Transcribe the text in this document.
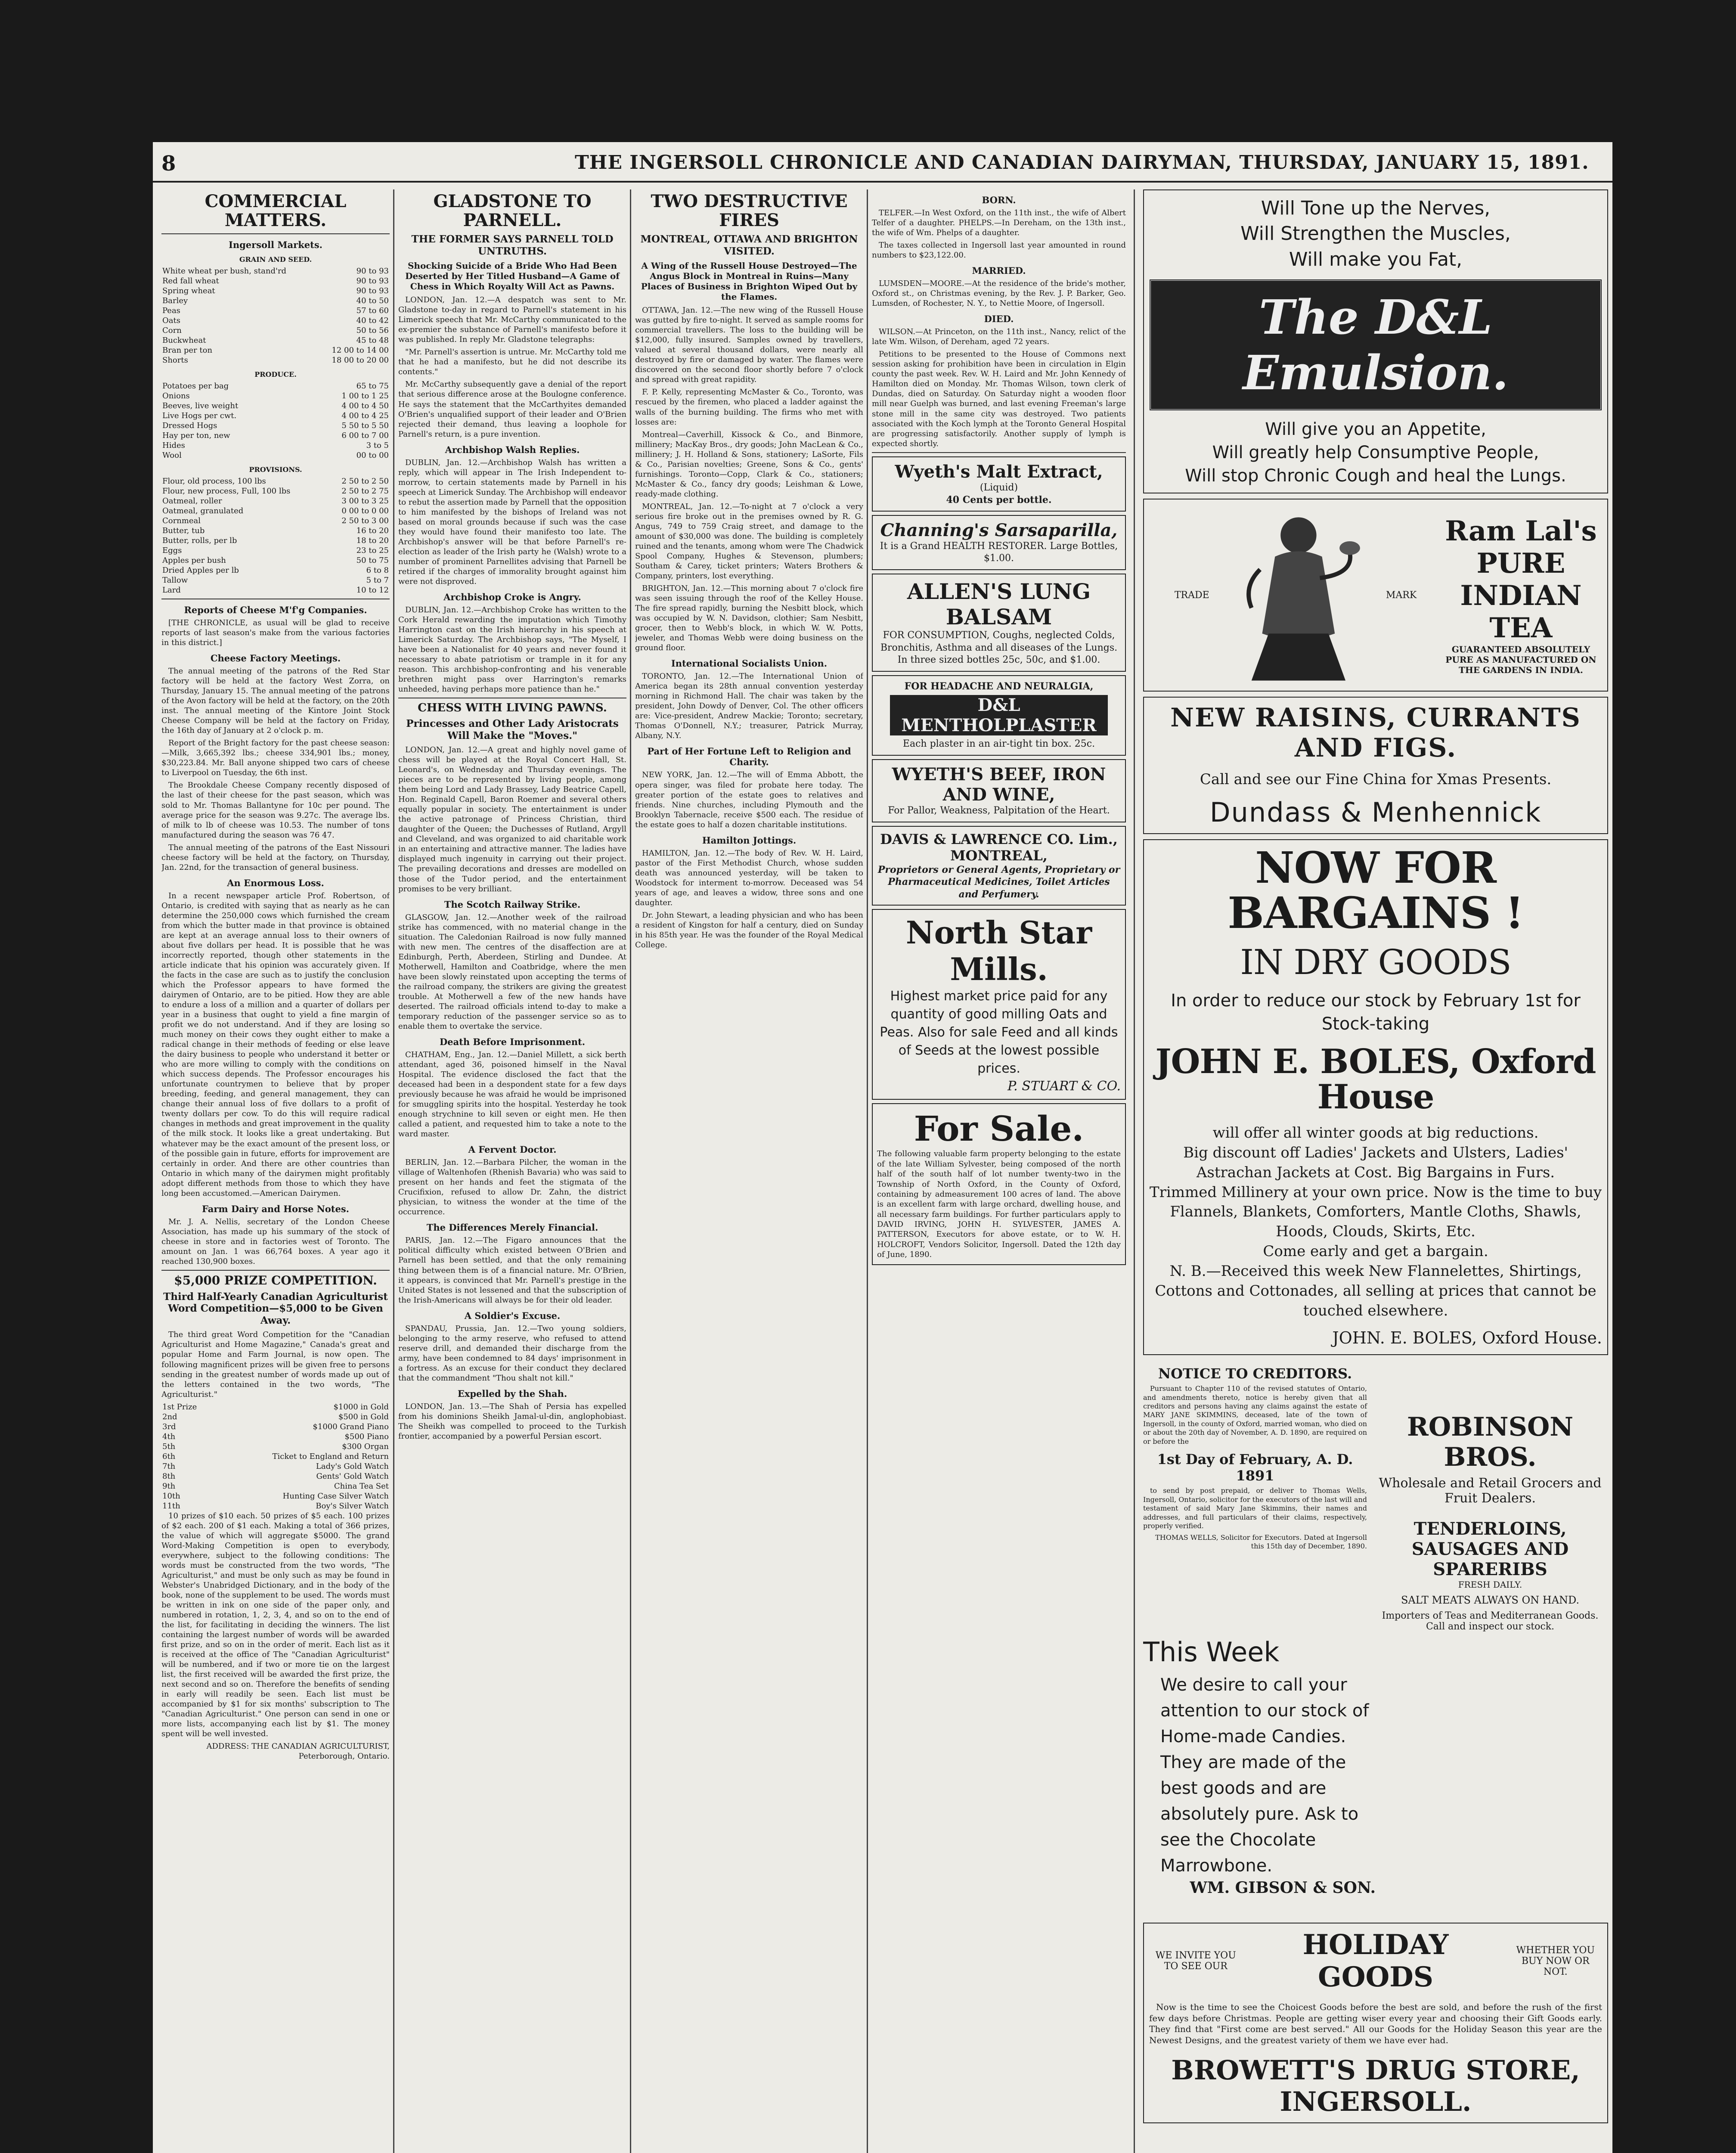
8	THE INGERSOLL CHRONICLE AND CANADIAN DAIRYMAN, THURSDAY, JANUARY 15, 1891.
COMMERCIAL MATTERS.
Ingersoll Markets.
GRAIN AND SEED.
White wheat per bush, stand'rd	90 to 93
Red fall wheat	90 to 93
Spring wheat	90 to 93
Barley	40 to 50
Peas	57 to 60
Oats	40 to 42
Corn	50 to 56
Buckwheat	45 to 48
Bran per ton	12 00 to 14 00
Shorts	18 00 to 20 00
PRODUCE.
Potatoes per bag	65 to 75
Onions	1 00 to 1 25
Beeves, live weight	4 00 to 4 50
Live Hogs per cwt.	4 00 to 4 25
Dressed Hogs	5 50 to 5 50
Hay per ton, new	6 00 to 7 00
Hides	3 to 5
Wool	00 to 00
PROVISIONS.
Flour, old process, 100 lbs	2 50 to 2 50
Flour, new process, Full, 100 lbs	2 50 to 2 75
Oatmeal, roller	3 00 to 3 25
Oatmeal, granulated	0 00 to 0 00
Cornmeal	2 50 to 3 00
Butter, tub	16 to 20
Butter, rolls, per lb	18 to 20
Eggs	23 to 25
Apples per bush	50 to 75
Dried Apples per lb	6 to 8
Tallow	5 to 7
Lard	10 to 12
Reports of Cheese M'f'g Companies.

[THE CHRONICLE, as usual will be glad to receive reports of last season's make from the various factories in this district.]

Cheese Factory Meetings.

The annual meeting of the patrons of the Red Star factory will be held at the factory West Zorra, on Thursday, January 15. The annual meeting of the patrons of the Avon factory will be held at the factory, on the 20th inst. The annual meeting of the Kintore Joint Stock Cheese Company will be held at the factory on Friday, the 16th day of January at 2 o'clock p. m.

Report of the Bright factory for the past cheese season:—Milk, 3,665,392 lbs.; cheese 334,901 lbs.; money, $30,223.84. Mr. Ball anyone shipped two cars of cheese to Liverpool on Tuesday, the 6th inst.

The Brookdale Cheese Company recently disposed of the last of their cheese for the past season, which was sold to Mr. Thomas Ballantyne for 10c per pound. The average price for the season was 9.27c. The average lbs. of milk to lb of cheese was 10.53. The number of tons manufactured during the season was 76 47.

The annual meeting of the patrons of the East Nissouri cheese factory will be held at the factory, on Thursday, Jan. 22nd, for the transaction of general business.

An Enormous Loss.

In a recent newspaper article Prof. Robertson, of Ontario, is credited with saying that as nearly as he can determine the 250,000 cows which furnished the cream from which the butter made in that province is obtained are kept at an average annual loss to their owners of about five dollars per head. It is possible that he was incorrectly reported, though other statements in the article indicate that his opinion was accurately given. If the facts in the case are such as to justify the conclusion which the Professor appears to have formed the dairymen of Ontario, are to be pitied. How they are able to endure a loss of a million and a quarter of dollars per year in a business that ought to yield a fine margin of profit we do not understand. And if they are losing so much money on their cows they ought either to make a radical change in their methods of feeding or else leave the dairy business to people who understand it better or who are more willing to comply with the conditions on which success depends. The Professor encourages his unfortunate countrymen to believe that by proper breeding, feeding, and general management, they can change their annual loss of five dollars to a profit of twenty dollars per cow. To do this will require radical changes in methods and great improvement in the quality of the milk stock. It looks like a great undertaking. But whatever may be the exact amount of the present loss, or of the possible gain in future, efforts for improvement are certainly in order. And there are other countries than Ontario in which many of the dairymen might profitably adopt different methods from those to which they have long been accustomed.—American Dairymen.

Farm Dairy and Horse Notes.

Mr. J. A. Nellis, secretary of the London Cheese Association, has made up his summary of the stock of cheese in store and in factories west of Toronto. The amount on Jan. 1 was 66,764 boxes. A year ago it reached 130,900 boxes.

$5,000 PRIZE COMPETITION.
Third Half-Yearly Canadian Agriculturist Word Competition—$5,000 to be Given Away.

The third great Word Competition for the "Canadian Agriculturist and Home Magazine," Canada's great and popular Home and Farm Journal, is now open. The following magnificent prizes will be given free to persons sending in the greatest number of words made up out of the letters contained in the two words, "The Agriculturist."

1st Prize	$1000 in Gold
2nd	$500 in Gold
3rd	$1000 Grand Piano
4th	$500 Piano
5th	$300 Organ
6th	Ticket to England and Return
7th	Lady's Gold Watch
8th	Gents' Gold Watch
9th	China Tea Set
10th	Hunting Case Silver Watch
11th	Boy's Silver Watch

10 prizes of $10 each. 50 prizes of $5 each. 100 prizes of $2 each. 200 of $1 each. Making a total of 366 prizes, the value of which will aggregate $5000. The grand Word-Making Competition is open to everybody, everywhere, subject to the following conditions: The words must be constructed from the two words, "The Agriculturist," and must be only such as may be found in Webster's Unabridged Dictionary, and in the body of the book, none of the supplement to be used. The words must be written in ink on one side of the paper only, and numbered in rotation, 1, 2, 3, 4, and so on to the end of the list, for facilitating in deciding the winners. The list containing the largest number of words will be awarded first prize, and so on in the order of merit. Each list as it is received at the office of The "Canadian Agriculturist" will be numbered, and if two or more tie on the largest list, the first received will be awarded the first prize, the next second and so on. Therefore the benefits of sending in early will readily be seen. Each list must be accompanied by $1 for six months' subscription to The "Canadian Agriculturist." One person can send in one or more lists, accompanying each list by $1. The money spent will be well invested.

ADDRESS: THE CANADIAN AGRICULTURIST, Peterborough, Ontario.

GLADSTONE TO PARNELL.
THE FORMER SAYS PARNELL TOLD UNTRUTHS.
Shocking Suicide of a Bride Who Had Been Deserted by Her Titled Husband—A Game of Chess in Which Royalty Will Act as Pawns.

LONDON, Jan. 12.—A despatch was sent to Mr. Gladstone to-day in regard to Parnell's statement in his Limerick speech that Mr. McCarthy communicated to the ex-premier the substance of Parnell's manifesto before it was published. In reply Mr. Gladstone telegraphs:

"Mr. Parnell's assertion is untrue. Mr. McCarthy told me that he had a manifesto, but he did not describe its contents."

Mr. McCarthy subsequently gave a denial of the report that serious difference arose at the Boulogne conference. He says the statement that the McCarthyites demanded O'Brien's unqualified support of their leader and O'Brien rejected their demand, thus leaving a loophole for Parnell's return, is a pure invention.

Archbishop Walsh Replies.

DUBLIN, Jan. 12.—Archbishop Walsh has written a reply, which will appear in The Irish Independent to-morrow, to certain statements made by Parnell in his speech at Limerick Sunday. The Archbishop will endeavor to rebut the assertion made by Parnell that the opposition to him manifested by the bishops of Ireland was not based on moral grounds because if such was the case they would have found their manifesto too late. The Archbishop's answer will be that before Parnell's re-election as leader of the Irish party he (Walsh) wrote to a number of prominent Parnellites advising that Parnell be retired if the charges of immorality brought against him were not disproved.

Archbishop Croke is Angry.

DUBLIN, Jan. 12.—Archbishop Croke has written to the Cork Herald rewarding the imputation which Timothy Harrington cast on the Irish hierarchy in his speech at Limerick Saturday. The Archbishop says, "The Myself, I have been a Nationalist for 40 years and never found it necessary to abate patriotism or trample in it for any reason. This archbishop-confronting and his venerable brethren might pass over Harrington's remarks unheeded, having perhaps more patience than he."

CHESS WITH LIVING PAWNS.
Princesses and Other Lady Aristocrats Will Make the "Moves."

LONDON, Jan. 12.—A great and highly novel game of chess will be played at the Royal Concert Hall, St. Leonard's, on Wednesday and Thursday evenings. The pieces are to be represented by living people, among them being Lord and Lady Brassey, Lady Beatrice Capell, Hon. Reginald Capell, Baron Roemer and several others equally popular in society. The entertainment is under the active patronage of Princess Christian, third daughter of the Queen; the Duchesses of Rutland, Argyll and Cleveland, and was organized to aid charitable work in an entertaining and attractive manner. The ladies have displayed much ingenuity in carrying out their project. The prevailing decorations and dresses are modelled on those of the Tudor period, and the entertainment promises to be very brilliant.

The Scotch Railway Strike.

GLASGOW, Jan. 12.—Another week of the railroad strike has commenced, with no material change in the situation. The Caledonian Railroad is now fully manned with new men. The centres of the disaffection are at Edinburgh, Perth, Aberdeen, Stirling and Dundee. At Motherwell, Hamilton and Coatbridge, where the men have been slowly reinstated upon accepting the terms of the railroad company, the strikers are giving the greatest trouble. At Motherwell a few of the new hands have deserted. The railroad officials intend to-day to make a temporary reduction of the passenger service so as to enable them to overtake the service.

Death Before Imprisonment.

CHATHAM, Eng., Jan. 12.—Daniel Millett, a sick berth attendant, aged 36, poisoned himself in the Naval Hospital. The evidence disclosed the fact that the deceased had been in a despondent state for a few days previously because he was afraid he would be imprisoned for smuggling spirits into the hospital. Yesterday he took enough strychnine to kill seven or eight men. He then called a patient, and requested him to take a note to the ward master.

A Fervent Doctor.

BERLIN, Jan. 12.—Barbara Pilcher, the woman in the village of Waltenhofen (Rhenish Bavaria) who was said to present on her hands and feet the stigmata of the Crucifixion, refused to allow Dr. Zahn, the district physician, to witness the wonder at the time of the occurrence.

The Differences Merely Financial.

PARIS, Jan. 12.—The Figaro announces that the political difficulty which existed between O'Brien and Parnell has been settled, and that the only remaining thing between them is of a financial nature. Mr. O'Brien, it appears, is convinced that Mr. Parnell's prestige in the United States is not lessened and that the subscription of the Irish-Americans will always be for their old leader.

A Soldier's Excuse.

SPANDAU, Prussia, Jan. 12.—Two young soldiers, belonging to the army reserve, who refused to attend reserve drill, and demanded their discharge from the army, have been condemned to 84 days' imprisonment in a fortress. As an excuse for their conduct they declared that the commandment "Thou shalt not kill."

Expelled by the Shah.

LONDON, Jan. 13.—The Shah of Persia has expelled from his dominions Sheikh Jamal-ul-din, anglophobiast. The Sheikh was compelled to proceed to the Turkish frontier, accompanied by a powerful Persian escort.

TWO DESTRUCTIVE FIRES
MONTREAL, OTTAWA AND BRIGHTON VISITED.
A Wing of the Russell House Destroyed—The Angus Block in Montreal in Ruins—Many Places of Business in Brighton Wiped Out by the Flames.

OTTAWA, Jan. 12.—The new wing of the Russell House was gutted by fire to-night. It served as sample rooms for commercial travellers. The loss to the building will be $12,000, fully insured. Samples owned by travellers, valued at several thousand dollars, were nearly all destroyed by fire or damaged by water. The flames were discovered on the second floor shortly before 7 o'clock and spread with great rapidity.

F. P. Kelly, representing McMaster & Co., Toronto, was rescued by the firemen, who placed a ladder against the walls of the burning building. The firms who met with losses are:

Montreal—Caverhill, Kissock & Co., and Binmore, millinery; MacKay Bros., dry goods; John MacLean & Co., millinery; J. H. Holland & Sons, stationery; LaSorte, Fils & Co., Parisian novelties; Greene, Sons & Co., gents' furnishings. Toronto—Copp, Clark & Co., stationers; McMaster & Co., fancy dry goods; Leishman & Lowe, ready-made clothing.

MONTREAL, Jan. 12.—To-night at 7 o'clock a very serious fire broke out in the premises owned by R. G. Angus, 749 to 759 Craig street, and damage to the amount of $30,000 was done. The building is completely ruined and the tenants, among whom were The Chadwick Spool Company, Hughes & Stevenson, plumbers; Southam & Carey, ticket printers; Waters Brothers & Company, printers, lost everything.

BRIGHTON, Jan. 12.—This morning about 7 o'clock fire was seen issuing through the roof of the Kelley House. The fire spread rapidly, burning the Nesbitt block, which was occupied by W. N. Davidson, clothier; Sam Nesbitt, grocer, then to Webb's block, in which W. W. Potts, jeweler, and Thomas Webb were doing business on the ground floor.

International Socialists Union.

TORONTO, Jan. 12.—The International Union of America began its 28th annual convention yesterday morning in Richmond Hall. The chair was taken by the president, John Dowdy of Denver, Col. The other officers are: Vice-president, Andrew Mackie; Toronto; secretary, Thomas O'Donnell, N.Y.; treasurer, Patrick Murray, Albany, N.Y.

Part of Her Fortune Left to Religion and Charity.

NEW YORK, Jan. 12.—The will of Emma Abbott, the opera singer, was filed for probate here today. The greater portion of the estate goes to relatives and friends. Nine churches, including Plymouth and the Brooklyn Tabernacle, receive $500 each. The residue of the estate goes to half a dozen charitable institutions.

Hamilton Jottings.

HAMILTON, Jan. 12.—The body of Rev. W. H. Laird, pastor of the First Methodist Church, whose sudden death was announced yesterday, will be taken to Woodstock for interment to-morrow. Deceased was 54 years of age, and leaves a widow, three sons and one daughter.

Dr. John Stewart, a leading physician and who has been a resident of Kingston for half a century, died on Sunday in his 85th year. He was the founder of the Royal Medical College.

BORN.

TELFER.—In West Oxford, on the 11th inst., the wife of Albert Telfer of a daughter. PHELPS.—In Dereham, on the 13th inst., the wife of Wm. Phelps of a daughter.

The taxes collected in Ingersoll last year amounted in round numbers to $23,122.00.

MARRIED.

LUMSDEN—MOORE.—At the residence of the bride's mother, Oxford st., on Christmas evening, by the Rev. J. P. Barker, Geo. Lumsden, of Rochester, N. Y., to Nettie Moore, of Ingersoll.

DIED.

WILSON.—At Princeton, on the 11th inst., Nancy, relict of the late Wm. Wilson, of Dereham, aged 72 years.

Petitions to be presented to the House of Commons next session asking for prohibition have been in circulation in Elgin county the past week. Rev. W. H. Laird and Mr. John Kennedy of Hamilton died on Monday. Mr. Thomas Wilson, town clerk of Dundas, died on Saturday. On Saturday night a wooden floor mill near Guelph was burned, and last evening Freeman's large stone mill in the same city was destroyed. Two patients associated with the Koch lymph at the Toronto General Hospital are progressing satisfactorily. Another supply of lymph is expected shortly.

Wyeth's Malt Extract,
(Liquid)
40 Cents per bottle.
Channing's Sarsaparilla,
It is a Grand HEALTH RESTORER. Large Bottles, $1.00.
ALLEN'S LUNG BALSAM
FOR CONSUMPTION, Coughs, neglected Colds, Bronchitis, Asthma and all diseases of the Lungs. In three sized bottles 25c, 50c, and $1.00.
FOR HEADACHE AND NEURALGIA,
D&L MENTHOLPLASTER
Each plaster in an air-tight tin box. 25c.
WYETH'S BEEF, IRON AND WINE,
For Pallor, Weakness, Palpitation of the Heart.
DAVIS & LAWRENCE CO. Lim., MONTREAL,
Proprietors or General Agents, Proprietary or Pharmaceutical Medicines, Toilet Articles and Perfumery.
North Star Mills.
Highest market price paid for any quantity of good milling Oats and Peas. Also for sale Feed and all kinds of Seeds at the lowest possible prices.
P. STUART & CO.
For Sale.
The following valuable farm property belonging to the estate of the late William Sylvester, being composed of the north half of the south half of lot number twenty-two in the Township of North Oxford, in the County of Oxford, containing by admeasurement 100 acres of land. The above is an excellent farm with large orchard, dwelling house, and all necessary farm buildings. For further particulars apply to DAVID IRVING, JOHN H. SYLVESTER, JAMES A. PATTERSON, Executors for above estate, or to W. H. HOLCROFT, Vendors Solicitor, Ingersoll. Dated the 12th day of June, 1890.
Will Tone up the Nerves,
Will Strengthen the Muscles,
Will make you Fat,
The D&L Emulsion.
Will give you an Appetite,
Will greatly help Consumptive People,
Will stop Chronic Cough and heal the Lungs.
TRADE	MARK
Ram Lal's
PURE
INDIAN TEA
GUARANTEED ABSOLUTELY PURE AS MANUFACTURED ON THE GARDENS IN INDIA.
NEW RAISINS, CURRANTS AND FIGS.
Call and see our Fine China for Xmas Presents.
Dundass & Menhennick
NOW FOR BARGAINS !
IN DRY GOODS
In order to reduce our stock by February 1st for Stock-taking
JOHN E. BOLES, Oxford House
will offer all winter goods at big reductions.
Big discount off Ladies' Jackets and Ulsters, Ladies' Astrachan Jackets at Cost. Big Bargains in Furs.
Trimmed Millinery at your own price. Now is the time to buy Flannels, Blankets, Comforters, Mantle Cloths, Shawls, Hoods, Clouds, Skirts, Etc.
Come early and get a bargain.
N. B.—Received this week New Flannelettes, Shirtings, Cottons and Cottonades, all selling at prices that cannot be touched elsewhere.
JOHN. E. BOLES, Oxford House.
NOTICE TO CREDITORS.

Pursuant to Chapter 110 of the revised statutes of Ontario, and amendments thereto, notice is hereby given that all creditors and persons having any claims against the estate of MARY JANE SKIMMINS, deceased, late of the town of Ingersoll, in the county of Oxford, married woman, who died on or about the 20th day of November, A. D. 1890, are required on or before the

1st Day of February, A. D. 1891

to send by post prepaid, or deliver to Thomas Wells, Ingersoll, Ontario, solicitor for the executors of the last will and testament of said Mary Jane Skimmins, their names and addresses, and full particulars of their claims, respectively, properly verified.

THOMAS WELLS, Solicitor for Executors. Dated at Ingersoll this 15th day of December, 1890.

ROBINSON BROS.
Wholesale and Retail Grocers and Fruit Dealers.
TENDERLOINS, SAUSAGES AND SPARERIBS
FRESH DAILY.
SALT MEATS ALWAYS ON HAND.
Importers of Teas and Mediterranean Goods. Call and inspect our stock.
This Week
We desire to call your attention to our stock of Home-made Candies. They are made of the best goods and are absolutely pure. Ask to see the Chocolate Marrowbone.
WM. GIBSON & SON.
WE INVITE YOU TO SEE OUR
HOLIDAY GOODS
WHETHER YOU BUY NOW OR NOT.

Now is the time to see the Choicest Goods before the best are sold, and before the rush of the first few days before Christmas. People are getting wiser every year and choosing their Gift Goods early. They find that "First come are best served." All our Goods for the Holiday Season this year are the Newest Designs, and the greatest variety of them we have ever had.

BROWETT'S DRUG STORE, INGERSOLL.
